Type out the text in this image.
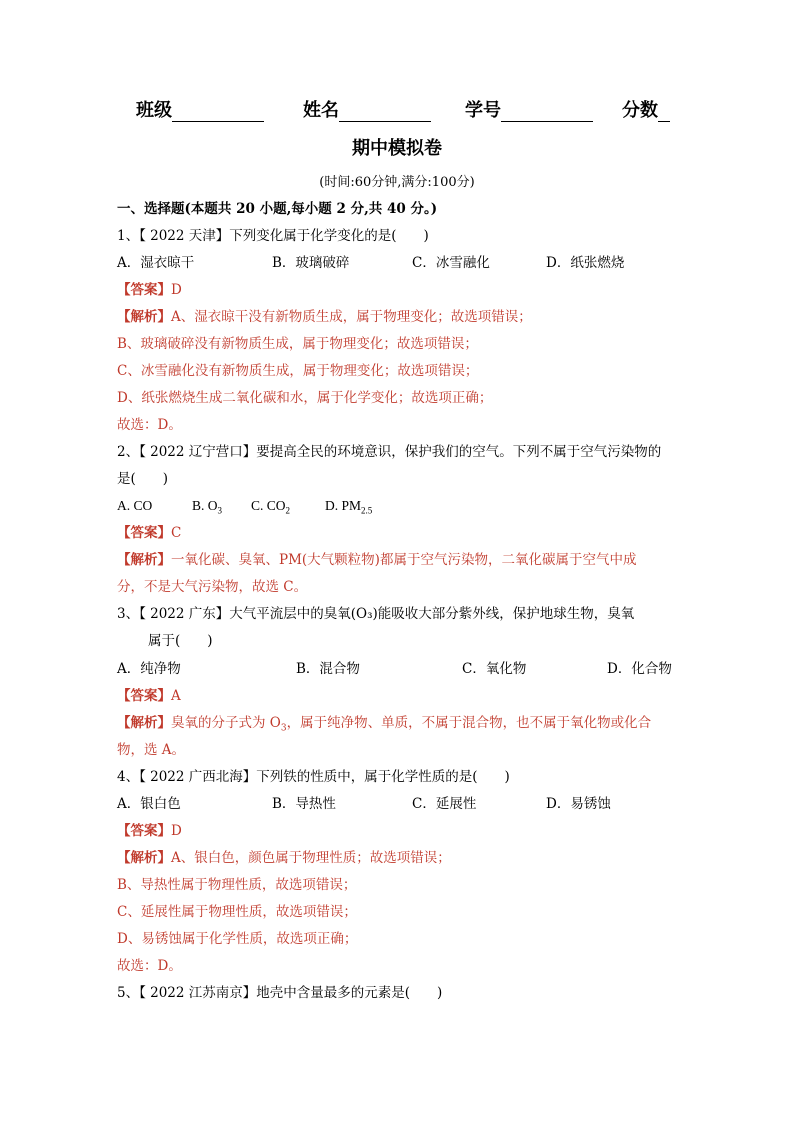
班级	姓名	学号	分数
期中模拟卷
(时间:60分钟,满分:100分)
一、选择题(本题共 20 小题,每小题 2 分,共 40 分。)
1、【 2022 天津】下列变化属于化学变化的是(　　)
A．湿衣晾干	B．玻璃破碎	C．冰雪融化	D．纸张燃烧
【答案】D
【解析】A、湿衣晾干没有新物质生成，属于物理变化；故选项错误；
B、玻璃破碎没有新物质生成，属于物理变化；故选项错误；
C、冰雪融化没有新物质生成，属于物理变化；故选项错误；
D、纸张燃烧生成二氧化碳和水，属于化学变化；故选项正确；
故选：D。
2、【 2022 辽宁营口】要提高全民的环境意识，保护我们的空气。下列不属于空气污染物的
是(　　)
A. CO	B. $O_3$ C. $CO_2$	D. $PM_{2.5}$
【答案】C
【解析】一氧化碳、臭氧、PM(大气颗粒物)都属于空气污染物，二氧化碳属于空气中成
分，不是大气污染物，故选 C。
3、【 2022 广东】大气平流层中的臭氧(O₃)能吸收大部分紫外线，保护地球生物，臭氧
属于(　　)
A．纯净物	B．混合物	C．氧化物	D．化合物
【答案】A
【解析】臭氧的分子式为 $O_3$，属于纯净物、单质，不属于混合物，也不属于氧化物或化合
物，选 A。
4、【 2022 广西北海】下列铁的性质中，属于化学性质的是(　　)
A．银白色	B．导热性	C．延展性	D．易锈蚀
【答案】D
【解析】A、银白色，颜色属于物理性质；故选项错误；
B、导热性属于物理性质，故选项错误；
C、延展性属于物理性质，故选项错误；
D、易锈蚀属于化学性质，故选项正确；
故选：D。
5、【 2022 江苏南京】地壳中含量最多的元素是(　　)
